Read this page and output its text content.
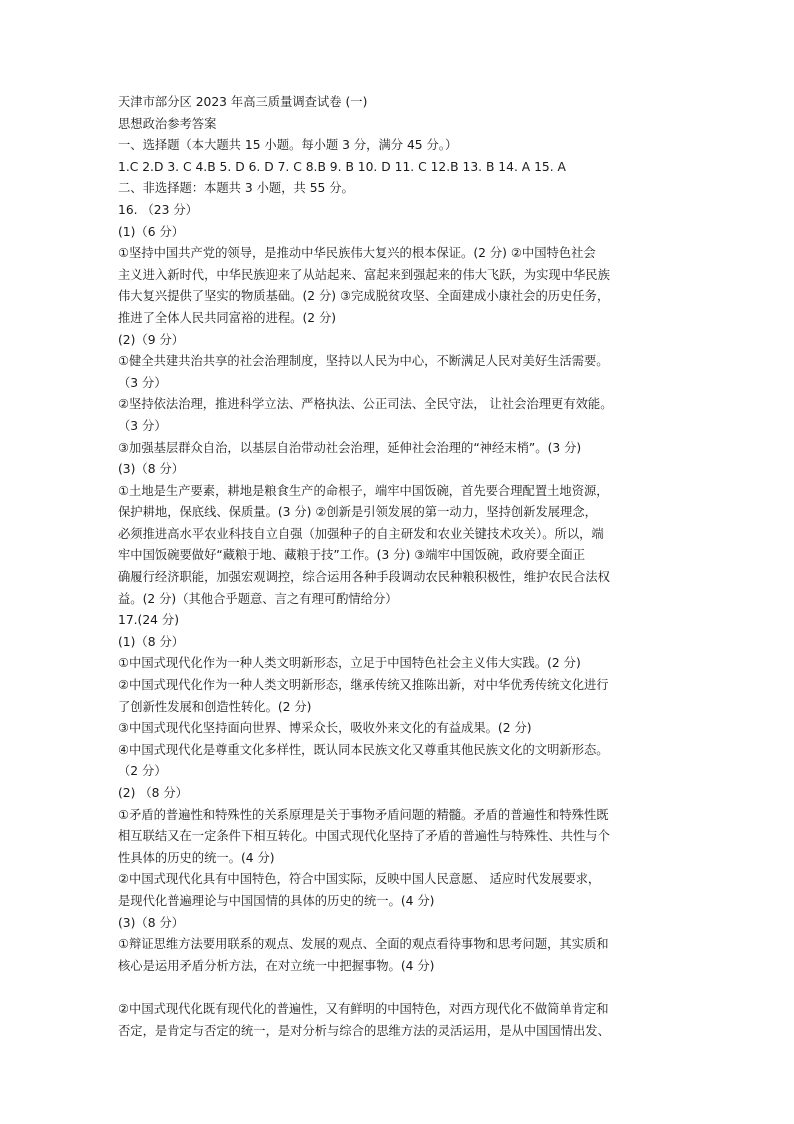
天津市部分区 2023 年高三质量调查试卷 (一)
思想政治参考答案
一、选择题（本大题共 15 小题。每小题 3 分，满分 45 分。）
1.C 2.D 3. C 4.B 5. D 6. D 7. C 8.B 9. B 10. D 11. C 12.B 13. B 14. A 15. A
二、非选择题：本题共 3 小题，共 55 分。
16. （23 分）
(1)（6 分）
①坚持中国共产党的领导，是推动中华民族伟大复兴的根本保证。(2 分) ②中国特色社会
主义进入新时代，中华民族迎来了从站起来、富起来到强起来的伟大飞跃，为实现中华民族
伟大复兴提供了坚实的物质基础。(2 分) ③完成脱贫攻坚、全面建成小康社会的历史任务，
推进了全体人民共同富裕的进程。(2 分)
(2)（9 分）
①健全共建共治共享的社会治理制度，坚持以人民为中心，不断满足人民对美好生活需要。
（3 分）
②坚持依法治理，推进科学立法、严格执法、公正司法、全民守法， 让社会治理更有效能。
（3 分）
③加强基层群众自治，以基层自治带动社会治理，延伸社会治理的“神经末梢”。(3 分)
(3)（8 分）
①土地是生产要素，耕地是粮食生产的命根子，端牢中国饭碗，首先要合理配置土地资源，
保护耕地，保底线、保质量。(3 分) ②创新是引领发展的第一动力，坚持创新发展理念，
必须推进高水平农业科技自立自强（加强种子的自主研发和农业关键技术攻关）。所以，端
牢中国饭碗要做好“藏粮于地、藏粮于技”工作。(3 分) ③端牢中国饭碗，政府要全面正
确履行经济职能，加强宏观调控，综合运用各种手段调动农民种粮积极性，维护农民合法权
益。(2 分)（其他合乎题意、言之有理可酌情给分）
17.(24 分)
(1)（8 分）
①中国式现代化作为一种人类文明新形态，立足于中国特色社会主义伟大实践。(2 分)
②中国式现代化作为一种人类文明新形态，继承传统又推陈出新，对中华优秀传统文化进行
了创新性发展和创造性转化。(2 分)
③中国式现代化坚持面向世界、博采众长，吸收外来文化的有益成果。(2 分)
④中国式现代化是尊重文化多样性，既认同本民族文化又尊重其他民族文化的文明新形态。
（2 分）
(2) （8 分）
①矛盾的普遍性和特殊性的关系原理是关于事物矛盾问题的精髓。矛盾的普遍性和特殊性既
相互联结又在一定条件下相互转化。中国式现代化坚持了矛盾的普遍性与特殊性、共性与个
性具体的历史的统一。(4 分)
②中国式现代化具有中国特色，符合中国实际，反映中国人民意愿、 适应时代发展要求，
是现代化普遍理论与中国国情的具体的历史的统一。(4 分)
(3)（8 分）
①辩证思维方法要用联系的观点、发展的观点、全面的观点看待事物和思考问题，其实质和
核心是运用矛盾分析方法，在对立统一中把握事物。(4 分)
②中国式现代化既有现代化的普遍性，又有鲜明的中国特色，对西方现代化不做简单肯定和
否定，是肯定与否定的统一，是对分析与综合的思维方法的灵活运用，是从中国国情出发、
